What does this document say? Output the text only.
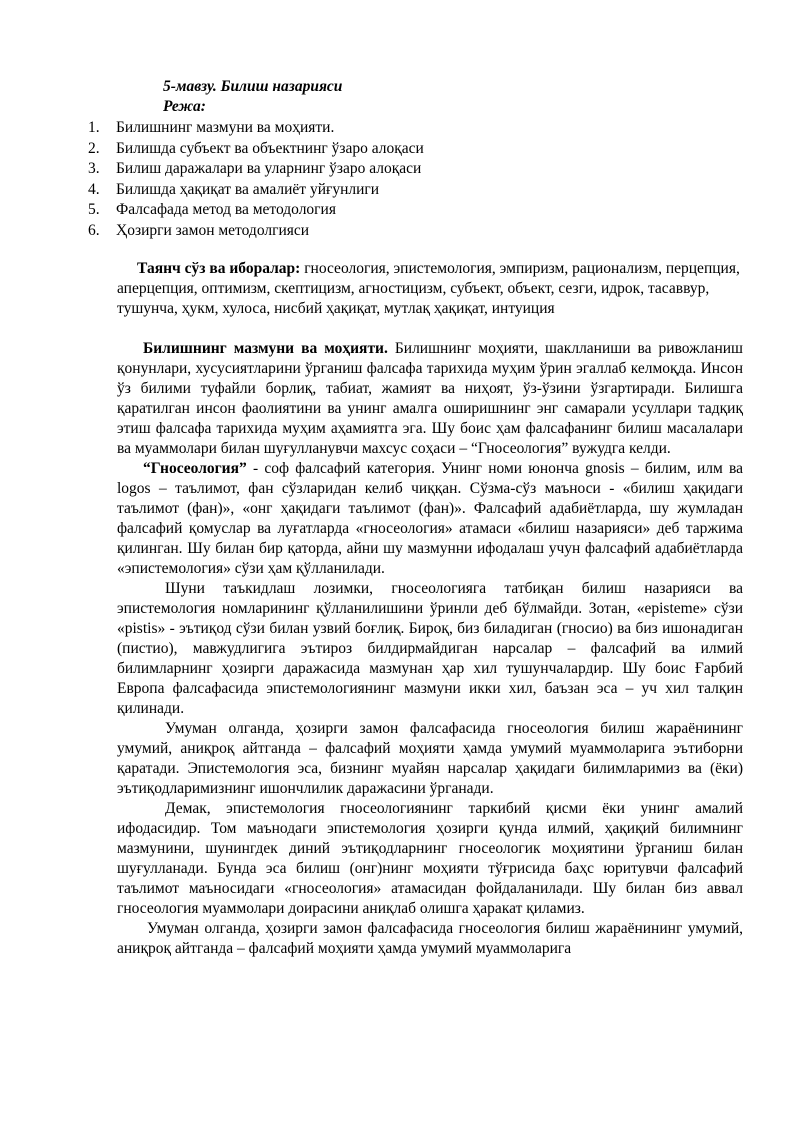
5-мавзу. Билиш назарияси
Режа:
1. Билишнинг мазмуни ва моҳияти.
2. Билишда субъект ва объектнинг ўзаро алоқаси
3. Билиш даражалари ва уларнинг ўзаро алоқаси
4. Билишда ҳақиқат ва амалиёт уйғунлиги
5. Фалсафада метод ва методология
6. Ҳозирги замон методолгияси

Таянч сўз ва иборалар: гносеология, эпистемология, эмпиризм, рационализм, перцепция, аперцепция, оптимизм, скептицизм, агностицизм, субъект, объект, сезги, идрок, тасаввур, тушунча, ҳукм, хулоса, нисбий ҳақиқат, мутлақ ҳақиқат, интуиция

Билишнинг мазмуни ва моҳияти. Билишнинг моҳияти, шаклланиши ва ривожланиш қонунлари, хусусиятларини ўрганиш фалсафа тарихида муҳим ўрин эгаллаб келмоқда. Инсон ўз билими туфайли борлиқ, табиат, жамият ва ниҳоят, ўз-ўзини ўзгартиради. Билишга қаратилган инсон фаолиятини ва унинг амалга оширишнинг энг самарали усуллари тадқиқ этиш фалсафа тарихида муҳим аҳамиятга эга. Шу боис ҳам фалсафанинг билиш масалалари ва муаммолари билан шуғулланувчи махсус соҳаси – “Гносеология” вужудга келди.

“Гносеология” - соф фалсафий категория. Унинг номи юнонча gnosis – билим, илм ва logos – таълимот, фан сўзларидан келиб чиққан. Сўзма-сўз маъноси - «билиш ҳақидаги таълимот (фан)», «онг ҳақидаги таълимот (фан)». Фалсафий адабиётларда, шу жумладан фалсафий қомуслар ва луғатларда «гносеология» атамаси «билиш назарияси» деб таржима қилинган. Шу билан бир қаторда, айни шу мазмунни ифодалаш учун фалсафий адабиётларда «эпистемология» сўзи ҳам қўлланилади.

Шуни таъкидлаш лозимки, гносеологияга татбиқан билиш назарияси ва эпистемология номларининг қўлланилишини ўринли деб бўлмайди. Зотан, «episteme» сўзи «pistis» - эътиқод сўзи билан узвий боғлиқ. Бироқ, биз биладиган (гносио) ва биз ишонадиган (пистио), мавжудлигига эътироз билдирмайдиган нарсалар – фалсафий ва илмий билимларнинг ҳозирги даражасида мазмунан ҳар хил тушунчалардир. Шу боис Ғарбий Европа фалсафасида эпистемологиянинг мазмуни икки хил, баъзан эса – уч хил талқин қилинади.

Умуман олганда, ҳозирги замон фалсафасида гносеология билиш жараёнининг умумий, аниқроқ айтганда – фалсафий моҳияти ҳамда умумий муаммоларига эътиборни қаратади. Эпистемология эса, бизнинг муайян нарсалар ҳақидаги билимларимиз ва (ёки) эътиқодларимизнинг ишончлилик даражасини ўрганади.

Демак, эпистемология гносеологиянинг таркибий қисми ёки унинг амалий ифодасидир. Том маънодаги эпистемология ҳозирги қунда илмий, ҳақиқий билимнинг мазмунини, шунингдек диний эътиқодларнинг гносеологик моҳиятини ўрганиш билан шуғулланади. Бунда эса билиш (онг)нинг моҳияти тўғрисида баҳс юритувчи фалсафий таълимот маъносидаги «гносеология» атамасидан фойдаланилади. Шу билан биз аввал гносеология муаммолари доирасини аниқлаб олишга ҳаракат қиламиз.

Умуман олганда, ҳозирги замон фалсафасида гносеология билиш жараёнининг умумий, аниқроқ айтганда – фалсафий моҳияти ҳамда умумий муаммоларига
